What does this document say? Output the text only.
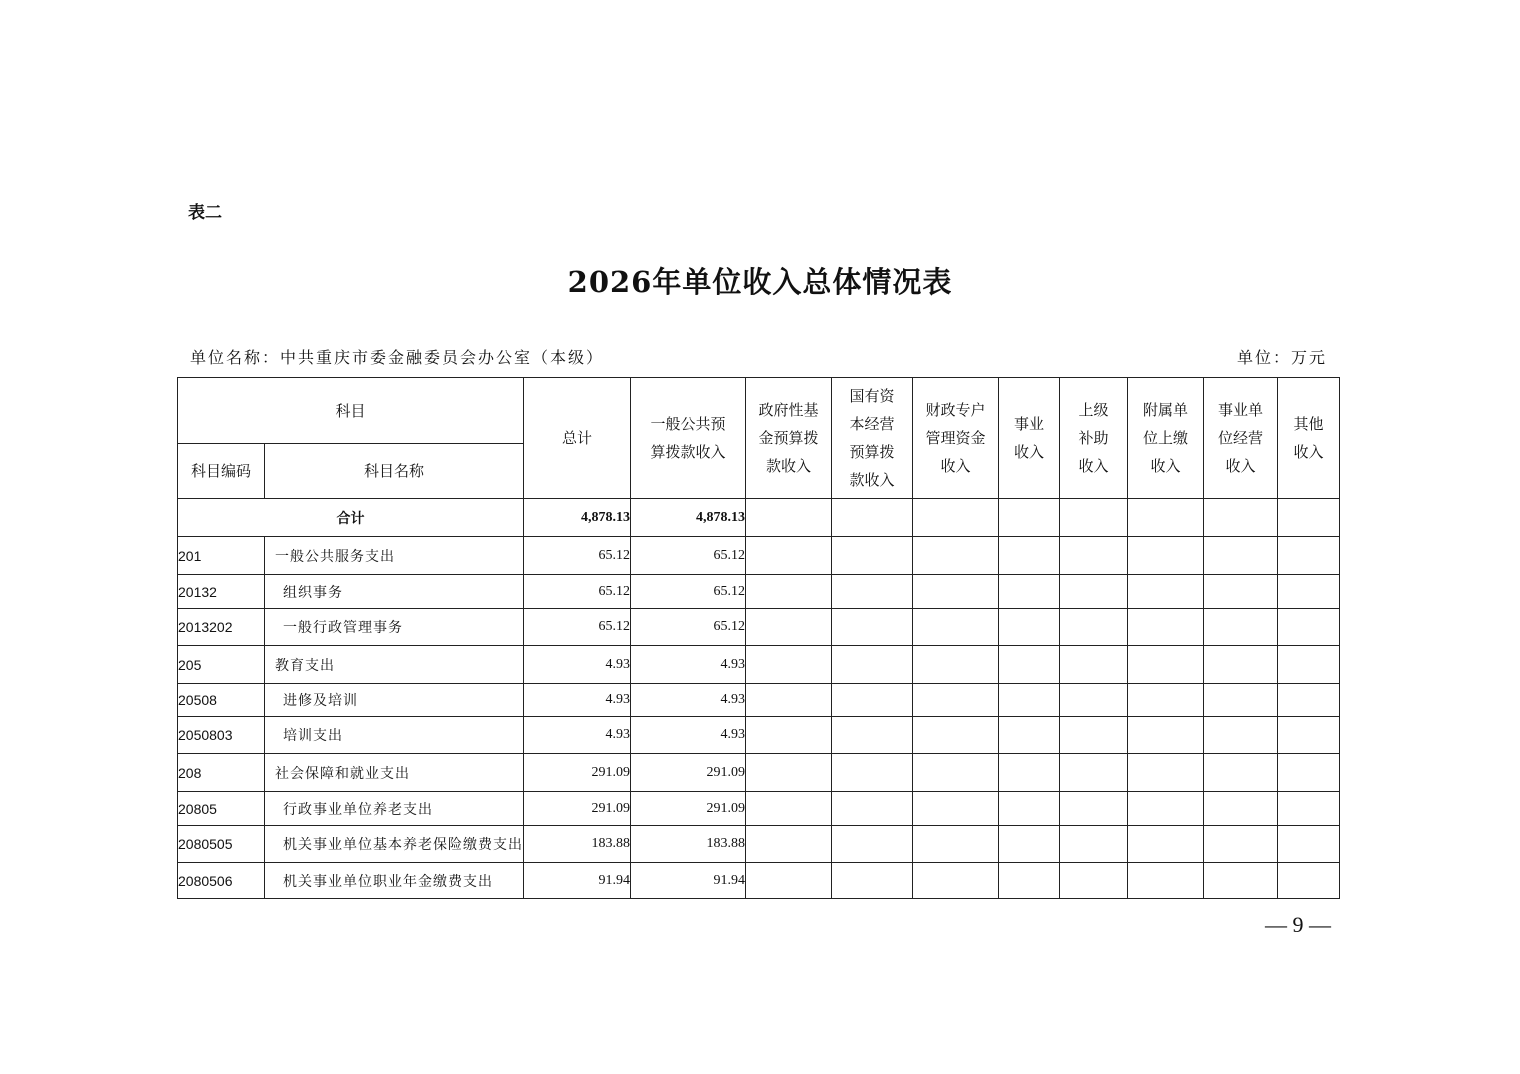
表二
2026年单位收入总体情况表
单位名称：中共重庆市委金融委员会办公室（本级）	单位：万元
科目		总计	一般公共预算拨款收入	政府性基金预算拨款收入	国有资本经营预算拨款收入	财政专户管理资金收入	事业收入	上级补助收入	附属单位上缴收入	事业单位经营收入	其他收入
科目编码	科目名称										
合计		4,878.13	4,878.13								
201	一般公共服务支出	65.12	65.12								
20132	组织事务	65.12	65.12								
2013202	一般行政管理事务	65.12	65.12								
205	教育支出	4.93	4.93								
20508	进修及培训	4.93	4.93								
2050803	培训支出	4.93	4.93								
208	社会保障和就业支出	291.09	291.09								
20805	行政事业单位养老支出	291.09	291.09								
2080505	机关事业单位基本养老保险缴费支出	183.88	183.88								
2080506	机关事业单位职业年金缴费支出	91.94	91.94								
— 9 —
